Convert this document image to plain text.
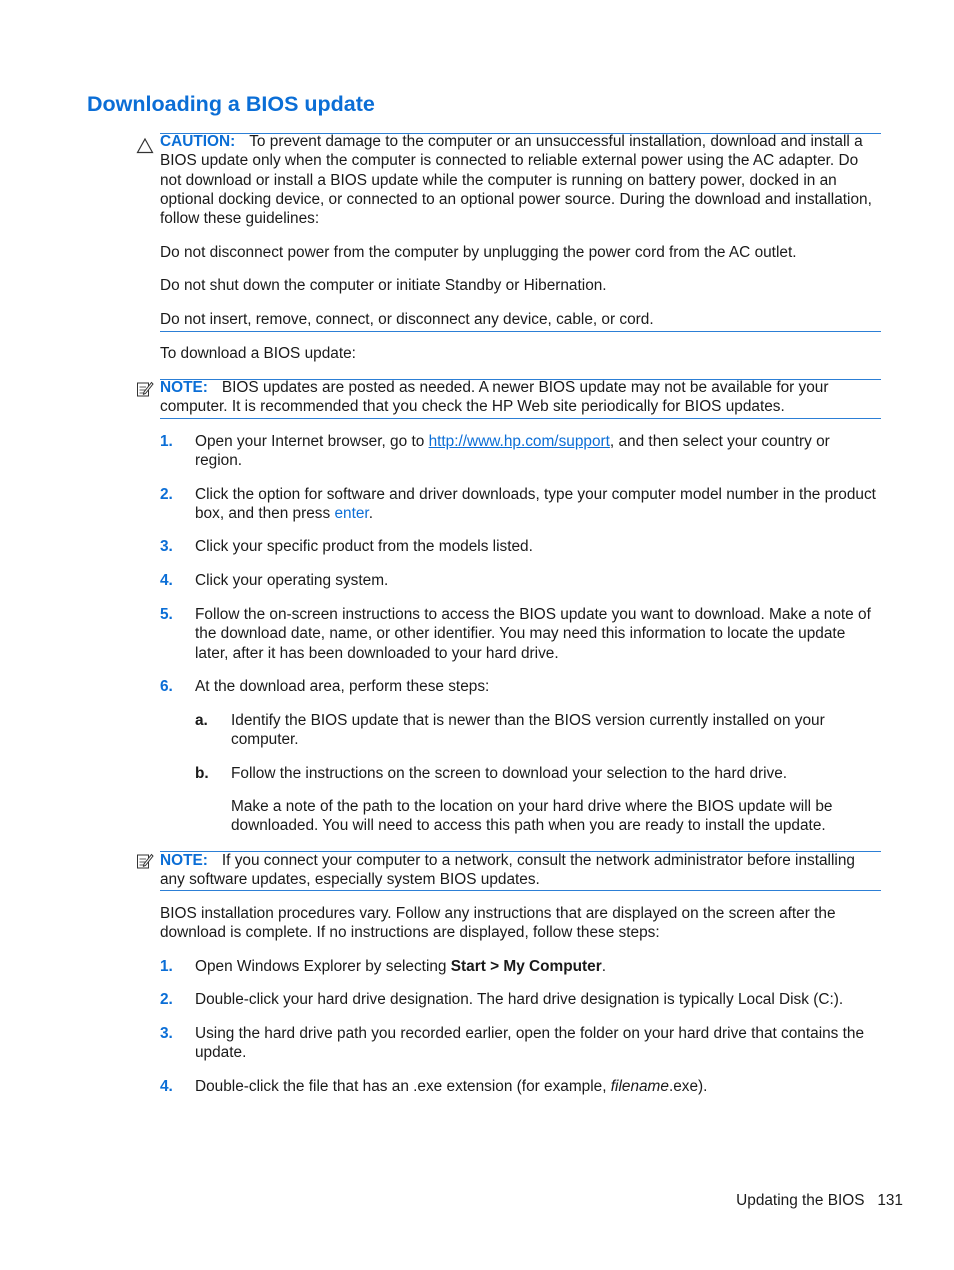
Downloading a BIOS update

CAUTION: To prevent damage to the computer or an unsuccessful installation, download and install a BIOS update only when the computer is connected to reliable external power using the AC adapter. Do not download or install a BIOS update while the computer is running on battery power, docked in an optional docking device, or connected to an optional power source. During the download and installation, follow these guidelines:

Do not disconnect power from the computer by unplugging the power cord from the AC outlet.

Do not shut down the computer or initiate Standby or Hibernation.

Do not insert, remove, connect, or disconnect any device, cable, or cord.

To download a BIOS update:

NOTE: BIOS updates are posted as needed. A newer BIOS update may not be available for your computer. It is recommended that you check the HP Web site periodically for BIOS updates.

1. Open your Internet browser, go to http://www.hp.com/support, and then select your country or region.

2. Click the option for software and driver downloads, type your computer model number in the product box, and then press enter.

3. Click your specific product from the models listed.

4. Click your operating system.

5. Follow the on-screen instructions to access the BIOS update you want to download. Make a note of the download date, name, or other identifier. You may need this information to locate the update later, after it has been downloaded to your hard drive.

6. At the download area, perform these steps:

a. Identify the BIOS update that is newer than the BIOS version currently installed on your computer.

b. Follow the instructions on the screen to download your selection to the hard drive.

Make a note of the path to the location on your hard drive where the BIOS update will be downloaded. You will need to access this path when you are ready to install the update.

NOTE: If you connect your computer to a network, consult the network administrator before installing any software updates, especially system BIOS updates.

BIOS installation procedures vary. Follow any instructions that are displayed on the screen after the download is complete. If no instructions are displayed, follow these steps:

1. Open Windows Explorer by selecting Start > My Computer.

2. Double-click your hard drive designation. The hard drive designation is typically Local Disk (C:).

3. Using the hard drive path you recorded earlier, open the folder on your hard drive that contains the update.

4. Double-click the file that has an .exe extension (for example, filename.exe).

Updating the BIOS 131
